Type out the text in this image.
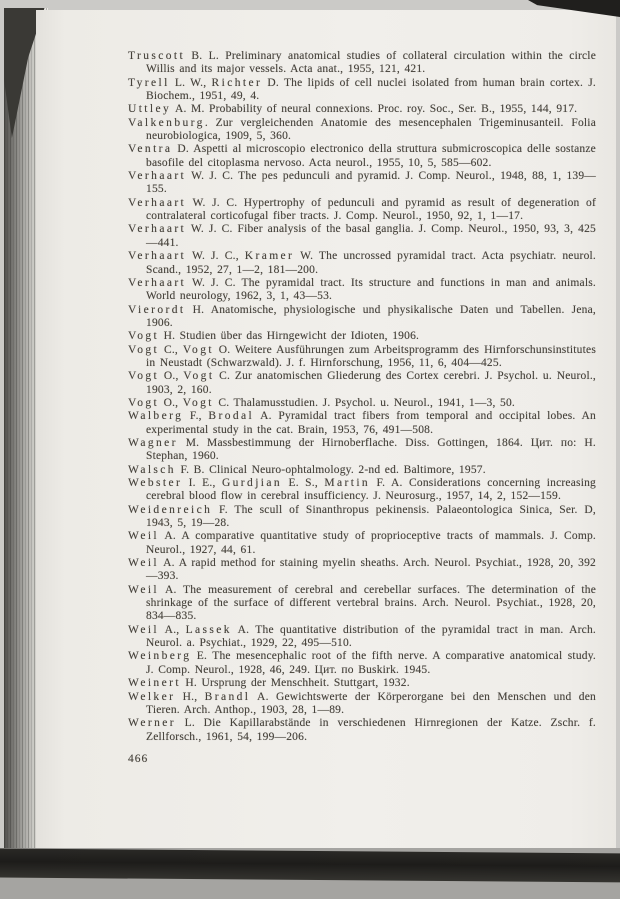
Truscott B. L. Preliminary anatomical studies of collateral circulation within the circle Willis and its major vessels. Acta anat., 1955, 121, 421.

Tyrell L. W., Richter D. The lipids of cell nuclei isolated from human brain cortex. J. Biochem., 1951, 49, 4.

Uttley A. M. Probability of neural connexions. Proc. roy. Soc., Ser. B., 1955, 144, 917.

Valkenburg. Zur vergleichenden Anatomie des mesencephalen Trigeminusanteil. Folia neurobiologica, 1909, 5, 360.

Ventra D. Aspetti al microscopio electronico della struttura submicroscopica delle sostanze basofile del citoplasma nervoso. Acta neurol., 1955, 10, 5, 585—602.

Verhaart W. J. C. The pes pedunculi and pyramid. J. Comp. Neurol., 1948, 88, 1, 139—155.

Verhaart W. J. C. Hypertrophy of pedunculi and pyramid as result of degeneration of contralateral corticofugal fiber tracts. J. Comp. Neurol., 1950, 92, 1, 1—17.

Verhaart W. J. C. Fiber analysis of the basal ganglia. J. Comp. Neurol., 1950, 93, 3, 425—441.

Verhaart W. J. C., Kramer W. The uncrossed pyramidal tract. Acta psychiatr. neurol. Scand., 1952, 27, 1—2, 181—200.

Verhaart W. J. C. The pyramidal tract. Its structure and functions in man and animals. World neurology, 1962, 3, 1, 43—53.

Vierordt H. Anatomische, physiologische und physikalische Daten und Tabellen. Jena, 1906.

Vogt H. Studien über das Hirngewicht der Idioten, 1906.

Vogt C., Vogt O. Weitere Ausführungen zum Arbeitsprogramm des Hirnforschunsinstitutes in Neustadt (Schwarzwald). J. f. Hirnforschung, 1956, 11, 6, 404—425.

Vogt O., Vogt C. Zur anatomischen Gliederung des Cortex cerebri. J. Psychol. u. Neurol., 1903, 2, 160.

Vogt O., Vogt C. Thalamusstudien. J. Psychol. u. Neurol., 1941, 1—3, 50.

Walberg F., Brodal A. Pyramidal tract fibers from temporal and occipital lobes. An experimental study in the cat. Brain, 1953, 76, 491—508.

Wagner M. Massbestimmung der Hirnoberflache. Diss. Gottingen, 1864. Цит. по: H. Stephan, 1960.

Walsch F. B. Clinical Neuro-ophtalmology. 2-nd ed. Baltimore, 1957.

Webster I. E., Gurdjian E. S., Martin F. A. Considerations concerning increasing cerebral blood flow in cerebral insufficiency. J. Neurosurg., 1957, 14, 2, 152—159.

Weidenreich F. The scull of Sinanthropus pekinensis. Palaeontologica Sinica, Ser. D, 1943, 5, 19—28.

Weil A. A comparative quantitative study of proprioceptive tracts of mammals. J. Comp. Neurol., 1927, 44, 61.

Weil A. A rapid method for staining myelin sheaths. Arch. Neurol. Psychiat., 1928, 20, 392—393.

Weil A. The measurement of cerebral and cerebellar surfaces. The determination of the shrinkage of the surface of different vertebral brains. Arch. Neurol. Psychiat., 1928, 20, 834—835.

Weil A., Lassek A. The quantitative distribution of the pyramidal tract in man. Arch. Neurol. a. Psychiat., 1929, 22, 495—510.

Weinberg E. The mesencephalic root of the fifth nerve. A comparative anatomical study. J. Comp. Neurol., 1928, 46, 249. Цит. по Buskirk. 1945.

Weinert H. Ursprung der Menschheit. Stuttgart, 1932.

Welker H., Brandl A. Gewichtswerte der Körperorgane bei den Menschen und den Tieren. Arch. Anthop., 1903, 28, 1—89.

Werner L. Die Kapillarabstände in verschiedenen Hirnregionen der Katze. Zschr. f. Zellforsch., 1961, 54, 199—206.

466
